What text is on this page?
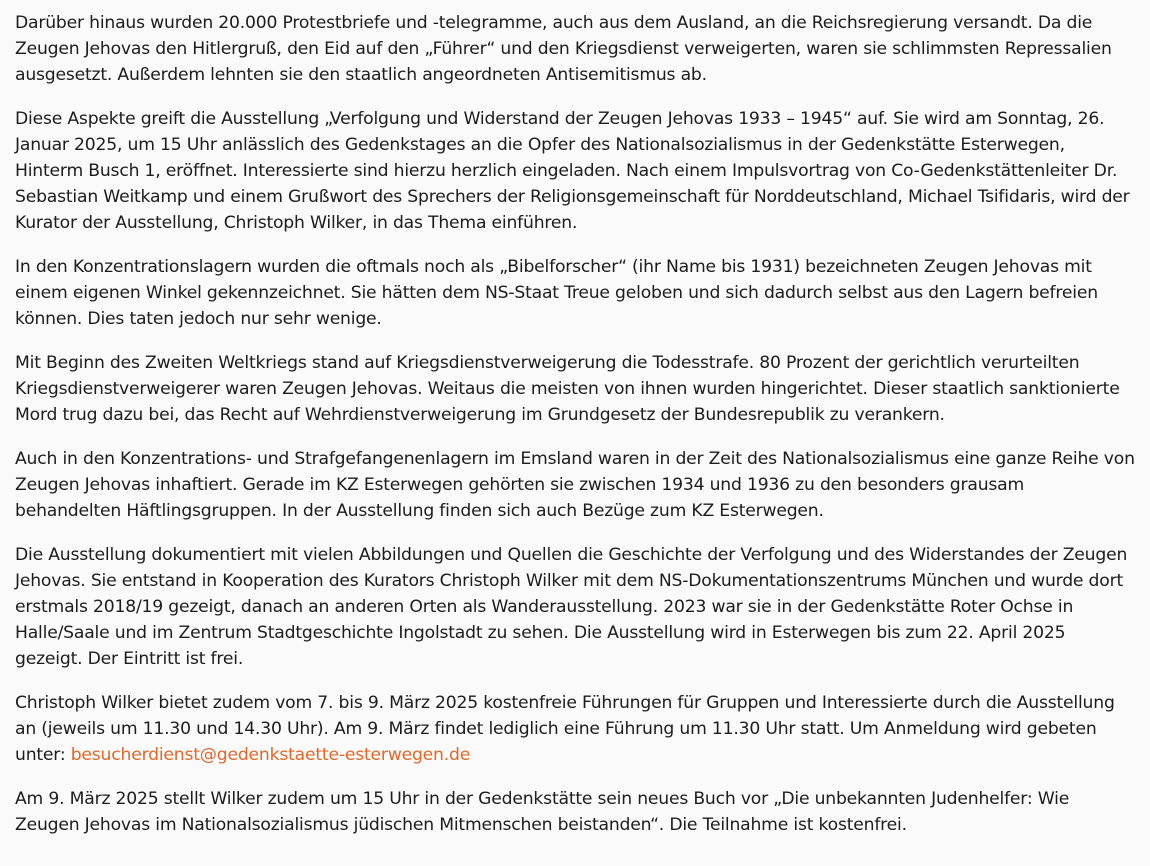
Darüber hinaus wurden 20.000 Protestbriefe und -telegramme, auch aus dem Ausland, an die Reichsregierung versandt. Da die Zeugen Jehovas den Hitlergruß, den Eid auf den „Führer“ und den Kriegsdienst verweigerten, waren sie schlimmsten Repressalien ausgesetzt. Außerdem lehnten sie den staatlich angeordneten Antisemitismus ab.

Diese Aspekte greift die Ausstellung „Verfolgung und Widerstand der Zeugen Jehovas 1933 – 1945“ auf. Sie wird am Sonntag, 26. Januar 2025, um 15 Uhr anlässlich des Gedenkstages an die Opfer des Nationalsozialismus in der Gedenkstätte Esterwegen, Hinterm Busch 1, eröffnet. Interessierte sind hierzu herzlich eingeladen. Nach einem Impulsvortrag von Co-Gedenkstättenleiter Dr. Sebastian Weitkamp und einem Grußwort des Sprechers der Religionsgemeinschaft für Norddeutschland, Michael Tsifidaris, wird der Kurator der Ausstellung, Christoph Wilker, in das Thema einführen.

In den Konzentrationslagern wurden die oftmals noch als „Bibelforscher“ (ihr Name bis 1931) bezeichneten Zeugen Jehovas mit einem eigenen Winkel gekennzeichnet. Sie hätten dem NS-Staat Treue geloben und sich dadurch selbst aus den Lagern befreien können. Dies taten jedoch nur sehr wenige.

Mit Beginn des Zweiten Weltkriegs stand auf Kriegsdienstverweigerung die Todesstrafe. 80 Prozent der gerichtlich verurteilten Kriegsdienstverweigerer waren Zeugen Jehovas. Weitaus die meisten von ihnen wurden hingerichtet. Dieser staatlich sanktionierte Mord trug dazu bei, das Recht auf Wehrdienstverweigerung im Grundgesetz der Bundesrepublik zu verankern.

Auch in den Konzentrations- und Strafgefangenenlagern im Emsland waren in der Zeit des Nationalsozialismus eine ganze Reihe von Zeugen Jehovas inhaftiert. Gerade im KZ Esterwegen gehörten sie zwischen 1934 und 1936 zu den besonders grausam behandelten Häftlingsgruppen. In der Ausstellung finden sich auch Bezüge zum KZ Esterwegen.

Die Ausstellung dokumentiert mit vielen Abbildungen und Quellen die Geschichte der Verfolgung und des Widerstandes der Zeugen Jehovas. Sie entstand in Kooperation des Kurators Christoph Wilker mit dem NS-Dokumentationszentrums München und wurde dort erstmals 2018/19 gezeigt, danach an anderen Orten als Wanderausstellung. 2023 war sie in der Gedenkstätte Roter Ochse in Halle/Saale und im Zentrum Stadtgeschichte Ingolstadt zu sehen. Die Ausstellung wird in Esterwegen bis zum 22. April 2025 gezeigt. Der Eintritt ist frei.

Christoph Wilker bietet zudem vom 7. bis 9. März 2025 kostenfreie Führungen für Gruppen und Interessierte durch die Ausstellung an (jeweils um 11.30 und 14.30 Uhr). Am 9. März findet lediglich eine Führung um 11.30 Uhr statt. Um Anmeldung wird gebeten unter: besucherdienst@gedenkstaette-esterwegen.de

Am 9. März 2025 stellt Wilker zudem um 15 Uhr in der Gedenkstätte sein neues Buch vor „Die unbekannten Judenhelfer: Wie Zeugen Jehovas im Nationalsozialismus jüdischen Mitmenschen beistanden“. Die Teilnahme ist kostenfrei.
